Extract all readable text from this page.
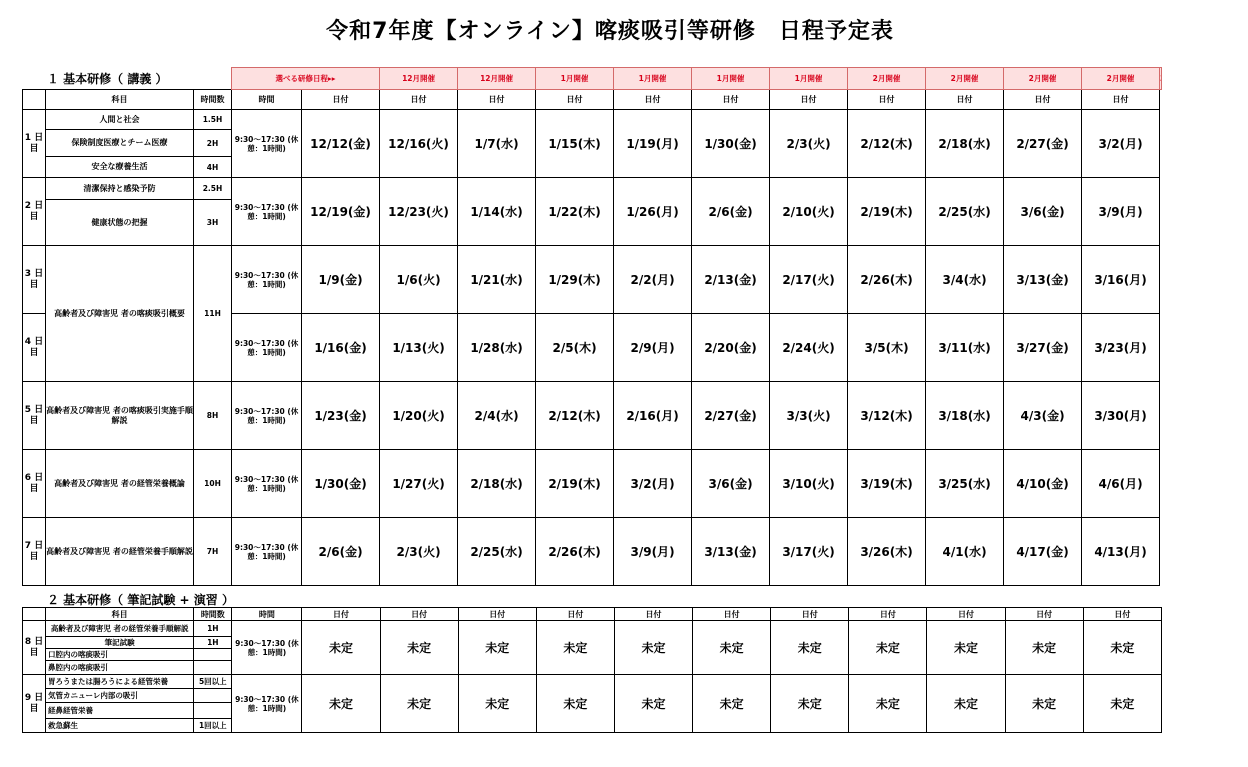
令和7年度【オンライン】喀痰吸引等研修　日程予定表
１ 基本研修（ 講義 ）
			選べる研修日程▸▸		12月開催	12月開催	1月開催	1月開催	1月開催	1月開催	2月開催	2月開催	2月開催	2月開催	
	科目	時間数	時間	日付	日付	日付	日付	日付	日付	日付	日付	日付	日付	日付	
1 日 目	人間と社会	1.5H	9:30〜17:30 (休憩：1時間)	12/12(金)	12/16(火)	1/7(水)	1/15(木)	1/19(月)	1/30(金)	2/3(火)	2/12(木)	2/18(水)	2/27(金)	3/2(月)	
	保険制度医療とチーム医療	2H													
	安全な療養生活	4H													
2 日 目	清潔保持と感染予防	2.5H	9:30〜17:30 (休憩：1時間)	12/19(金)	12/23(火)	1/14(水)	1/22(木)	1/26(月)	2/6(金)	2/10(火)	2/19(木)	2/25(水)	3/6(金)	3/9(月)	
	健康状態の把握	3H													
3 日 目	高齢者及び障害児 者の喀痰吸引概要	11H	9:30〜17:30 (休憩：1時間)	1/9(金)	1/6(火)	1/21(水)	1/29(木)	2/2(月)	2/13(金)	2/17(火)	2/26(木)	3/4(水)	3/13(金)	3/16(月)	
4 日 目			9:30〜17:30 (休憩：1時間)	1/16(金)	1/13(火)	1/28(水)	2/5(木)	2/9(月)	2/20(金)	2/24(火)	3/5(木)	3/11(水)	3/27(金)	3/23(月)	
5 日 目	高齢者及び障害児 者の喀痰吸引実施手順解説	8H	9:30〜17:30 (休憩：1時間)	1/23(金)	1/20(火)	2/4(水)	2/12(木)	2/16(月)	2/27(金)	3/3(火)	3/12(木)	3/18(水)	4/3(金)	3/30(月)	
6 日 目	高齢者及び障害児 者の経管栄養概論	10H	9:30〜17:30 (休憩：1時間)	1/30(金)	1/27(火)	2/18(水)	2/19(木)	3/2(月)	3/6(金)	3/10(火)	3/19(木)	3/25(水)	4/10(金)	4/6(月)	
7 日 目	高齢者及び障害児 者の経管栄養手順解説	7H	9:30〜17:30 (休憩：1時間)	2/6(金)	2/3(火)	2/25(水)	2/26(木)	3/9(月)	3/13(金)	3/17(火)	3/26(木)	4/1(水)	4/17(金)	4/13(月)	
２ 基本研修（ 筆記試験 + 演習 ）
	科目	時間数	時間	日付	日付	日付	日付	日付	日付	日付	日付	日付	日付	日付
8 日 目	高齢者及び障害児 者の経管栄養手順解説	1H	9:30〜17:30 (休憩：1時間)	未定	未定	未定	未定	未定	未定	未定	未定	未定	未定	未定
	筆記試験	1H												
	口腔内の喀痰吸引													
	鼻腔内の喀痰吸引													
9 日 目	胃ろうまたは腸ろうによる経管栄養	5回以上	9:30〜17:30 (休憩：1時間)	未定	未定	未定	未定	未定	未定	未定	未定	未定	未定	未定
	気管カニューレ内部の吸引													
	経鼻経管栄養													
	救急蘇生	1回以上												
